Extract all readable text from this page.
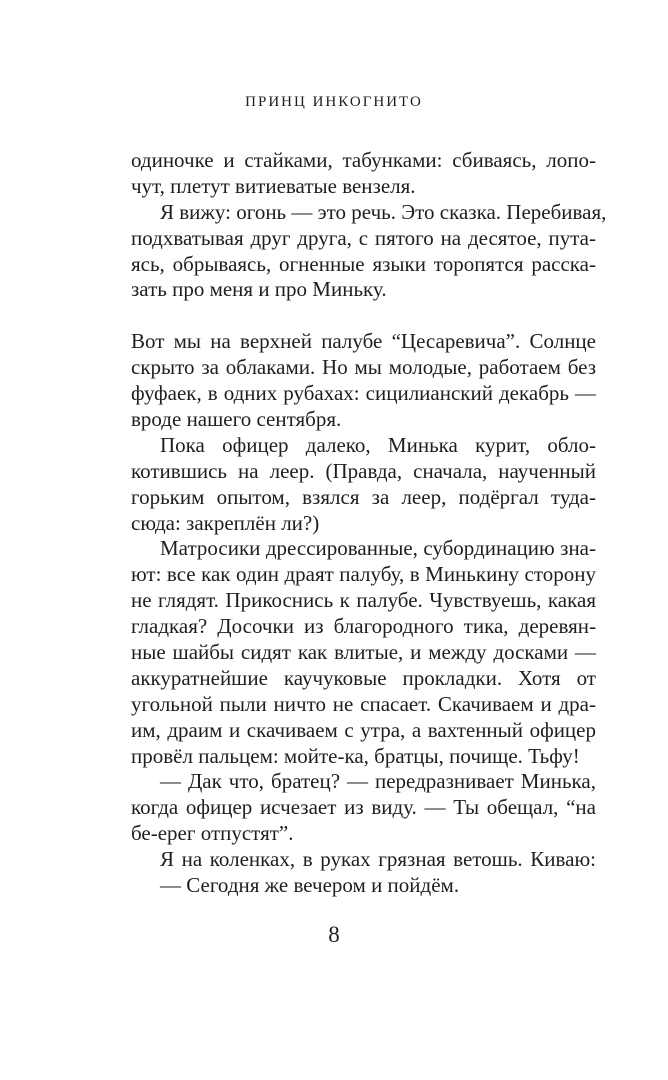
ПРИНЦ ИНКОГНИТО
одиночке и стайками, табунками: сбиваясь, лопо-
чут, плетут витиеватые вензеля.
Я вижу: огонь — это речь. Это сказка. Перебивая,
подхватывая друг друга, с пятого на десятое, пута-
ясь, обрываясь, огненные языки торопятся расска-
зать про меня и про Миньку.
Вот мы на верхней палубе “Цесаревича”. Солнце
скрыто за облаками. Но мы молодые, работаем без
фуфаек, в одних рубахах: сицилианский декабрь —
вроде нашего сентября.
Пока офицер далеко, Минька курит, обло-
котившись на леер. (Правда, сначала, наученный
горьким опытом, взялся за леер, подёргал туда-
сюда: закреплён ли?)
Матросики дрессированные, субординацию зна-
ют: все как один драят палубу, в Минькину сторону
не глядят. Прикоснись к палубе. Чувствуешь, какая
гладкая? Досочки из благородного тика, деревян-
ные шайбы сидят как влитые, и между досками —
аккуратнейшие каучуковые прокладки. Хотя от
угольной пыли ничто не спасает. Скачиваем и дра-
им, драим и скачиваем с утра, а вахтенный офицер
провёл пальцем: мойте-ка, братцы, почище. Тьфу!
— Дак что, братец? — передразнивает Минька,
когда офицер исчезает из виду. — Ты обещал, “на
бе-ерег отпустят”.
Я на коленках, в руках грязная ветошь. Киваю:
— Сегодня же вечером и пойдём.
8
